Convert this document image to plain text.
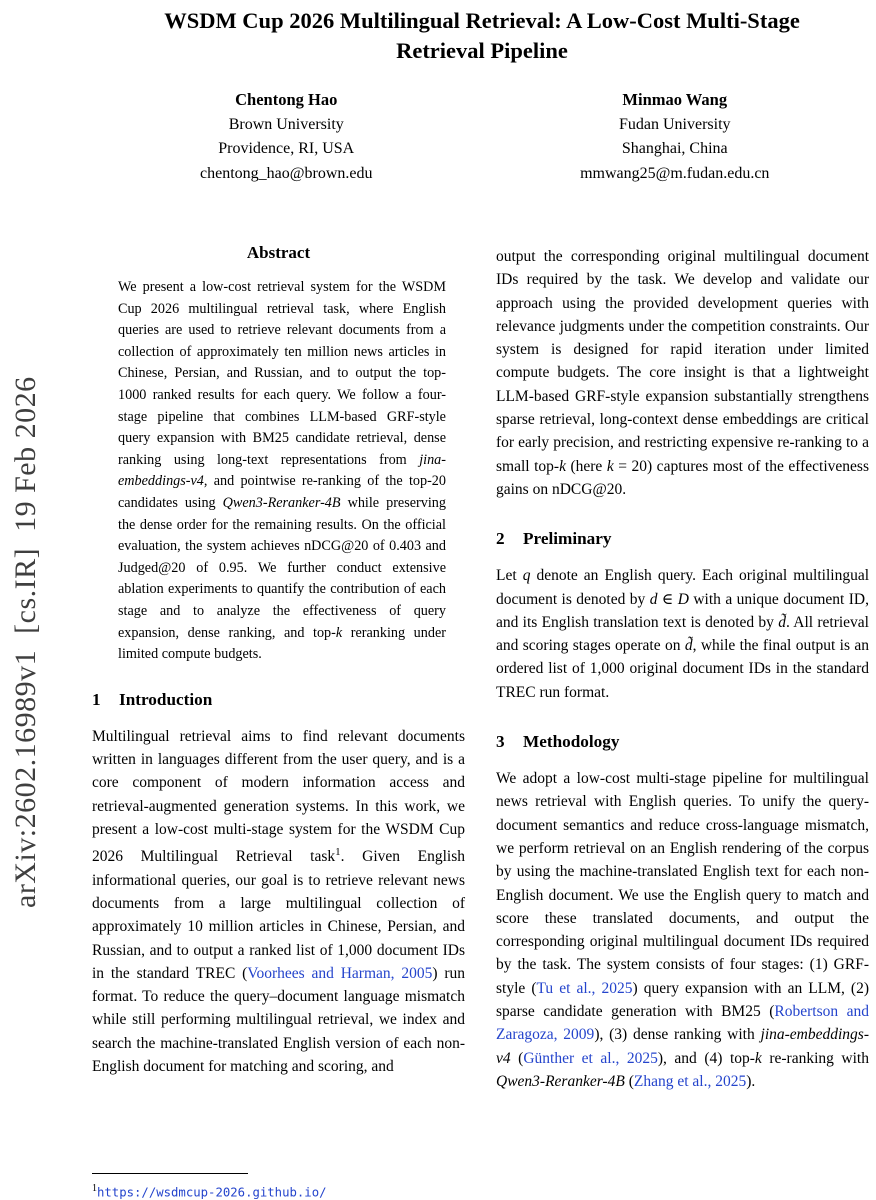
arXiv:2602.16989v1  [cs.IR]  19 Feb 2026
WSDM Cup 2026 Multilingual Retrieval: A Low-Cost Multi-Stage Retrieval Pipeline
Chentong Hao
Brown University
Providence, RI, USA
chentong_hao@brown.edu
Minmao Wang
Fudan University
Shanghai, China
mmwang25@m.fudan.edu.cn
Abstract

We present a low-cost retrieval system for the WSDM Cup 2026 multilingual retrieval task, where English queries are used to retrieve relevant documents from a collection of approximately ten million news articles in Chinese, Persian, and Russian, and to output the top-1000 ranked results for each query. We follow a four-stage pipeline that combines LLM-based GRF-style query expansion with BM25 candidate retrieval, dense ranking using long-text representations from jina-embeddings-v4, and pointwise re-ranking of the top-20 candidates using Qwen3-Reranker-4B while preserving the dense order for the remaining results. On the official evaluation, the system achieves nDCG@20 of 0.403 and Judged@20 of 0.95. We further conduct extensive ablation experiments to quantify the contribution of each stage and to analyze the effectiveness of query expansion, dense ranking, and top-k reranking under limited compute budgets.

1 Introduction

Multilingual retrieval aims to find relevant documents written in languages different from the user query, and is a core component of modern information access and retrieval-augmented generation systems. In this work, we present a low-cost multi-stage system for the WSDM Cup 2026 Multilingual Retrieval task$^1$. Given English informational queries, our goal is to retrieve relevant news documents from a large multilingual collection of approximately 10 million articles in Chinese, Persian, and Russian, and to output a ranked list of 1,000 document IDs in the standard TREC (Voorhees and Harman, 2005) run format. To reduce the query–document language mismatch while still performing multilingual retrieval, we index and search the machine-translated English version of each non-English document for matching and scoring, and

$^1$https://wsdmcup-2026.github.io/

output the corresponding original multilingual document IDs required by the task. We develop and validate our approach using the provided development queries with relevance judgments under the competition constraints. Our system is designed for rapid iteration under limited compute budgets. The core insight is that a lightweight LLM-based GRF-style expansion substantially strengthens sparse retrieval, long-context dense embeddings are critical for early precision, and restricting expensive re-ranking to a small top-k (here k = 20) captures most of the effectiveness gains on nDCG@20.

2 Preliminary

Let q denote an English query. Each original multilingual document is denoted by d ∈ D with a unique document ID, and its English translation text is denoted by d̃. All retrieval and scoring stages operate on d̃, while the final output is an ordered list of 1,000 original document IDs in the standard TREC run format.

3 Methodology

We adopt a low-cost multi-stage pipeline for multilingual news retrieval with English queries. To unify the query-document semantics and reduce cross-language mismatch, we perform retrieval on an English rendering of the corpus by using the machine-translated English text for each non-English document. We use the English query to match and score these translated documents, and output the corresponding original multilingual document IDs required by the task. The system consists of four stages: (1) GRF-style (Tu et al., 2025) query expansion with an LLM, (2) sparse candidate generation with BM25 (Robertson and Zaragoza, 2009), (3) dense ranking with jina-embeddings-v4 (Günther et al., 2025), and (4) top-k re-ranking with Qwen3-Reranker-4B (Zhang et al., 2025).
